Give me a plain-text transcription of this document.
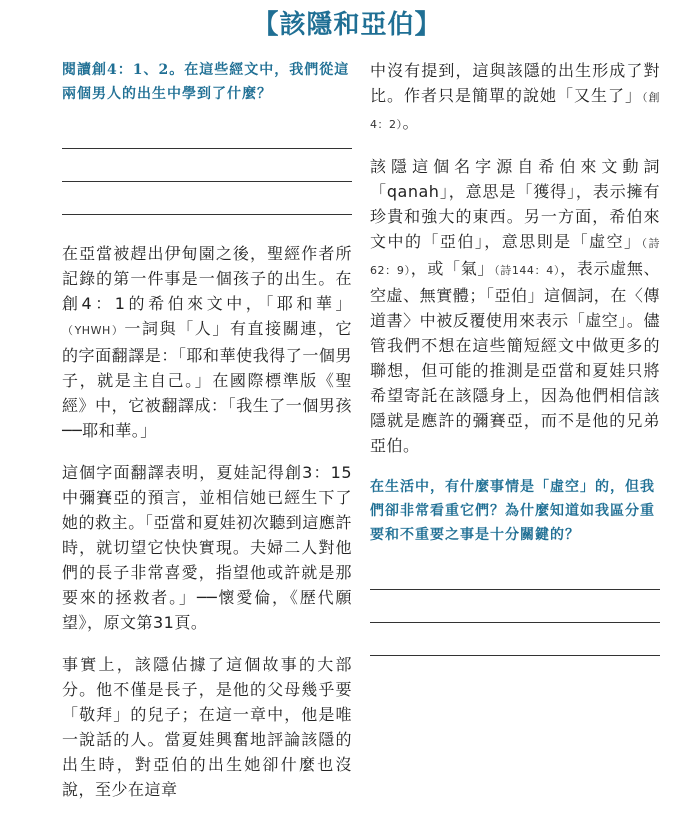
【該隱和亞伯】

閱讀創4：1、2。在這些經文中，我們從這兩個男人的出生中學到了什麼？

在亞當被趕出伊甸園之後，聖經作者所記錄的第一件事是一個孩子的出生。在創4：1的希伯來文中，「耶和華」（YHWH）一詞與「人」有直接關連，它的字面翻譯是：「耶和華使我得了一個男子，就是主自己。」在國際標準版《聖經》中，它被翻譯成：「我生了一個男孩──耶和華。」

這個字面翻譯表明，夏娃記得創3：15中彌賽亞的預言，並相信她已經生下了她的救主。「亞當和夏娃初次聽到這應許時，就切望它快快實現。夫婦二人對他們的長子非常喜愛，指望他或許就是那要來的拯救者。」──懷愛倫，《歷代願望》，原文第31頁。

事實上，該隱佔據了這個故事的大部分。他不僅是長子，是他的父母幾乎要「敬拜」的兒子；在這一章中，他是唯一說話的人。當夏娃興奮地評論該隱的出生時，對亞伯的出生她卻什麼也沒說，至少在這章

中沒有提到，這與該隱的出生形成了對比。作者只是簡單的說她「又生了」（創4：2）。

該隱這個名字源自希伯來文動詞「qanah」，意思是「獲得」，表示擁有珍貴和強大的東西。另一方面，希伯來文中的「亞伯」，意思則是「虛空」（詩62：9），或「氣」（詩144：4），表示虛無、空虛、無實體；「亞伯」這個詞，在〈傳道書〉中被反覆使用來表示「虛空」。儘管我們不想在這些簡短經文中做更多的聯想，但可能的推測是亞當和夏娃只將希望寄託在該隱身上，因為他們相信該隱就是應許的彌賽亞，而不是他的兄弟亞伯。

在生活中，有什麼事情是「虛空」的，但我們卻非常看重它們？為什麼知道如我區分重要和不重要之事是十分關鍵的？
